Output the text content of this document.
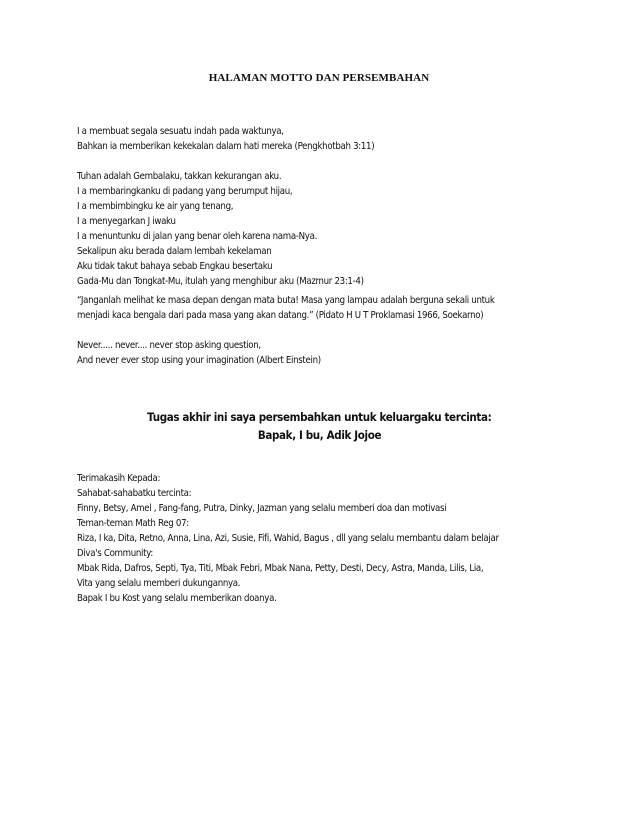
HALAMAN MOTTO DAN PERSEMBAHAN
I a membuat segala sesuatu indah pada waktunya,
Bahkan ia memberikan kekekalan dalam hati mereka (Pengkhotbah 3:11)
Tuhan adalah Gembalaku, takkan kekurangan aku.
I a membaringkanku di padang yang berumput hijau,
I a membimbingku ke air yang tenang,
I a menyegarkan J iwaku
I a menuntunku di jalan yang benar oleh karena nama-Nya.
Sekalipun aku berada dalam lembah kekelaman
Aku tidak takut bahaya sebab Engkau besertaku
Gada-Mu dan Tongkat-Mu, itulah yang menghibur aku (Mazmur 23:1-4)
“Janganlah melihat ke masa depan dengan mata buta! Masa yang lampau adalah berguna sekali untuk
menjadi kaca bengala dari pada masa yang akan datang.” (Pidato H U T Proklamasi 1966, Soekarno)
Never..... never.... never stop asking question,
And never ever stop using your imagination (Albert Einstein)
Tugas akhir ini saya persembahkan untuk keluargaku tercinta:
Bapak, I bu, Adik Jojoe
Terimakasih Kepada:
Sahabat-sahabatku tercinta:
Finny, Betsy, Amel , Fang-fang, Putra, Dinky, Jazman yang selalu memberi doa dan motivasi
Teman-teman Math Reg 07:
Riza, I ka, Dita, Retno, Anna, Lina, Azi, Susie, Fifi, Wahid, Bagus , dll yang selalu membantu dalam belajar
Diva's Community:
Mbak Rida, Dafros, Septi, Tya, Titi, Mbak Febri, Mbak Nana, Petty, Desti, Decy, Astra, Manda, Lilis, Lia,
Vita yang selalu memberi dukungannya.
Bapak I bu Kost yang selalu memberikan doanya.
